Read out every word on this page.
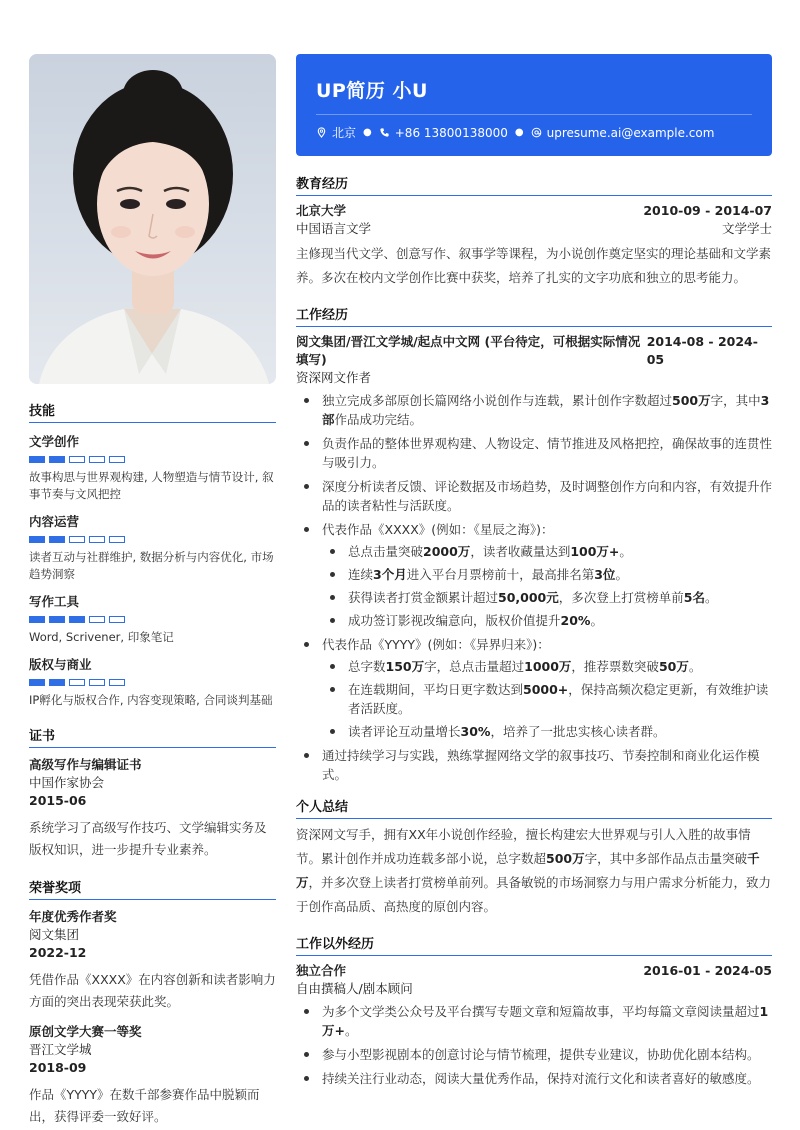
技能
文学创作
故事构思与世界观构建, 人物塑造与情节设计, 叙事节奏与文风把控
内容运营
读者互动与社群维护, 数据分析与内容优化, 市场趋势洞察
写作工具
Word, Scrivener, 印象笔记
版权与商业
IP孵化与版权合作, 内容变现策略, 合同谈判基础
证书
高级写作与编辑证书
中国作家协会
2015-06
系统学习了高级写作技巧、文学编辑实务及版权知识，进一步提升专业素养。
荣誉奖项
年度优秀作者奖
阅文集团
2022-12
凭借作品《XXXX》在内容创新和读者影响力方面的突出表现荣获此奖。
原创文学大赛一等奖
晋江文学城
2018-09
作品《YYYY》在数千部参赛作品中脱颖而出，获得评委一致好评。
UP简历 小U
北京 ● +86 13800138000 ● upresume.ai@example.com
教育经历
北京大学	2010-09 - 2014-07
中国语言文学	文学学士
主修现当代文学、创意写作、叙事学等课程，为小说创作奠定坚实的理论基础和文学素养。多次在校内文学创作比赛中获奖，培养了扎实的文字功底和独立的思考能力。
工作经历
阅文集团/晋江文学城/起点中文网 (平台待定，可根据实际情况填写)
2014-08 - 2024-05
资深网文作者
独立完成多部原创长篇网络小说创作与连载，累计创作字数超过500万字，其中3部作品成功完结。
负责作品的整体世界观构建、人物设定、情节推进及风格把控，确保故事的连贯性与吸引力。
深度分析读者反馈、评论数据及市场趋势，及时调整创作方向和内容，有效提升作品的读者粘性与活跃度。
代表作品《XXXX》(例如：《星辰之海》)：
总点击量突破2000万，读者收藏量达到100万+。
连续3个月进入平台月票榜前十，最高排名第3位。
获得读者打赏金额累计超过50,000元，多次登上打赏榜单前5名。
成功签订影视改编意向，版权价值提升20%。
代表作品《YYYY》(例如：《异界归来》)：
总字数150万字，总点击量超过1000万，推荐票数突破50万。
在连载期间，平均日更字数达到5000+，保持高频次稳定更新，有效维护读者活跃度。
读者评论互动量增长30%，培养了一批忠实核心读者群。
通过持续学习与实践，熟练掌握网络文学的叙事技巧、节奏控制和商业化运作模式。
个人总结
资深网文写手，拥有XX年小说创作经验，擅长构建宏大世界观与引人入胜的故事情节。累计创作并成功连载多部小说，总字数超500万字，其中多部作品点击量突破千万，并多次登上读者打赏榜单前列。具备敏锐的市场洞察力与用户需求分析能力，致力于创作高品质、高热度的原创内容。
工作以外经历
独立合作	2016-01 - 2024-05
自由撰稿人/剧本顾问
为多个文学类公众号及平台撰写专题文章和短篇故事，平均每篇文章阅读量超过1万+。
参与小型影视剧本的创意讨论与情节梳理，提供专业建议，协助优化剧本结构。
持续关注行业动态，阅读大量优秀作品，保持对流行文化和读者喜好的敏感度。
